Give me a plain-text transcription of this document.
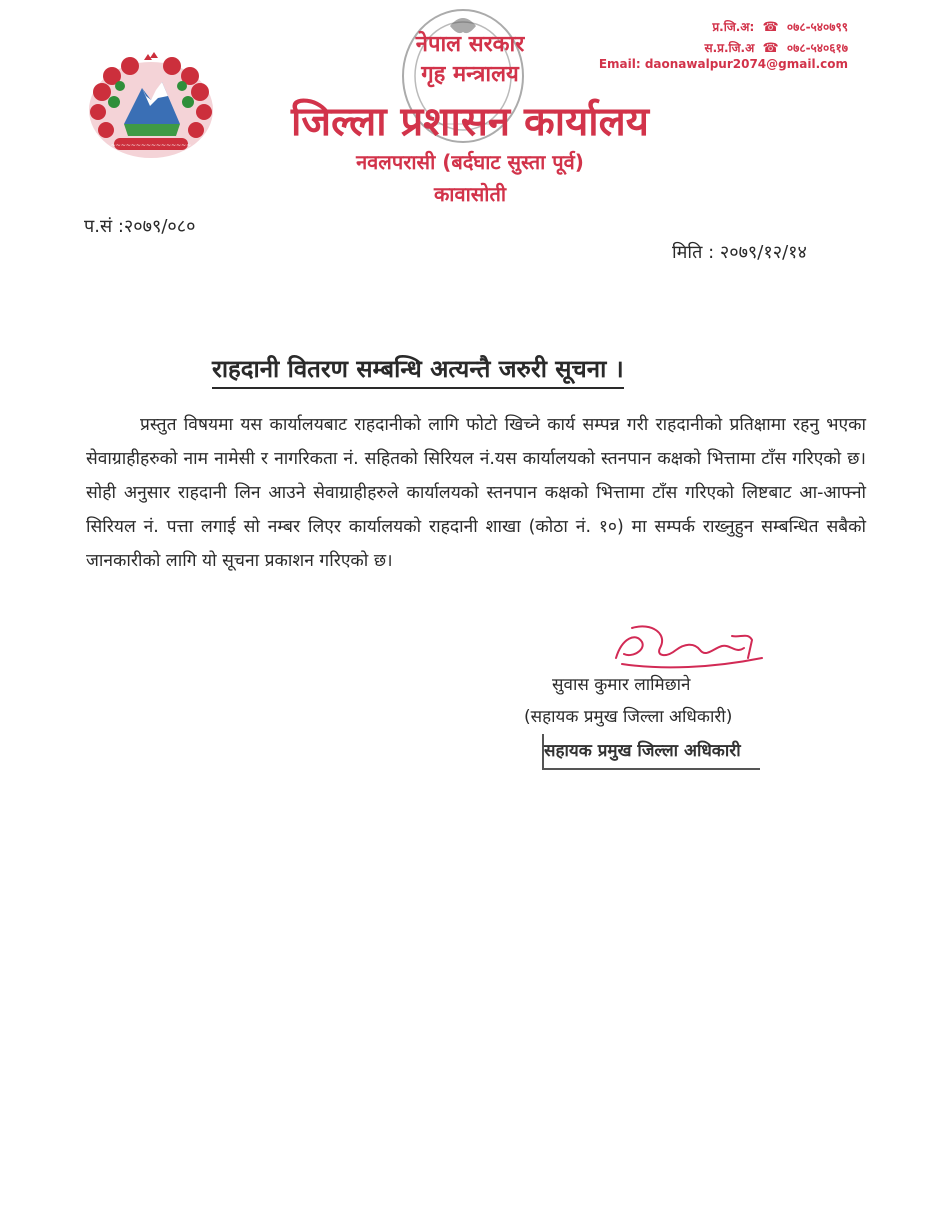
~~~~~~~~~~~~~~~~
नेपाल सरकार
गृह मन्त्रालय
जिल्ला प्रशासन कार्यालय
नवलपरासी (बर्दघाट सुस्ता पूर्व)
कावासोती
प्र.जि.अ: ☎ ०७८-५४०७९९
स.प्र.जि.अ ☎ ०७८-५४०६१७
Email: daonawalpur2074@gmail.com
प.सं :२०७९/०८०
मिति : २०७९/१२/१४
राहदानी वितरण सम्बन्धि अत्यन्तै जरुरी सूचना ।
प्रस्तुत विषयमा यस कार्यालयबाट राहदानीको लागि फोटो खिच्ने कार्य सम्पन्न गरी राहदानीको प्रतिक्षामा रहनु भएका सेवाग्राहीहरुको नाम नामेसी र नागरिकता नं. सहितको सिरियल नं.यस कार्यालयको स्तनपान कक्षको भित्तामा टाँस गरिएको छ। सोही अनुसार राहदानी लिन आउने सेवाग्राहीहरुले कार्यालयको स्तनपान कक्षको भित्तामा टाँस गरिएको लिष्टबाट आ-आफ्नो सिरियल नं. पत्ता लगाई सो नम्बर लिएर कार्यालयको राहदानी शाखा (कोठा नं. १०) मा सम्पर्क राख्नुहुन सम्बन्धित सबैको जानकारीको लागि यो सूचना प्रकाशन गरिएको छ।
सुवास कुमार लामिछाने
(सहायक प्रमुख जिल्ला अधिकारी)
सहायक प्रमुख जिल्ला अधिकारी
